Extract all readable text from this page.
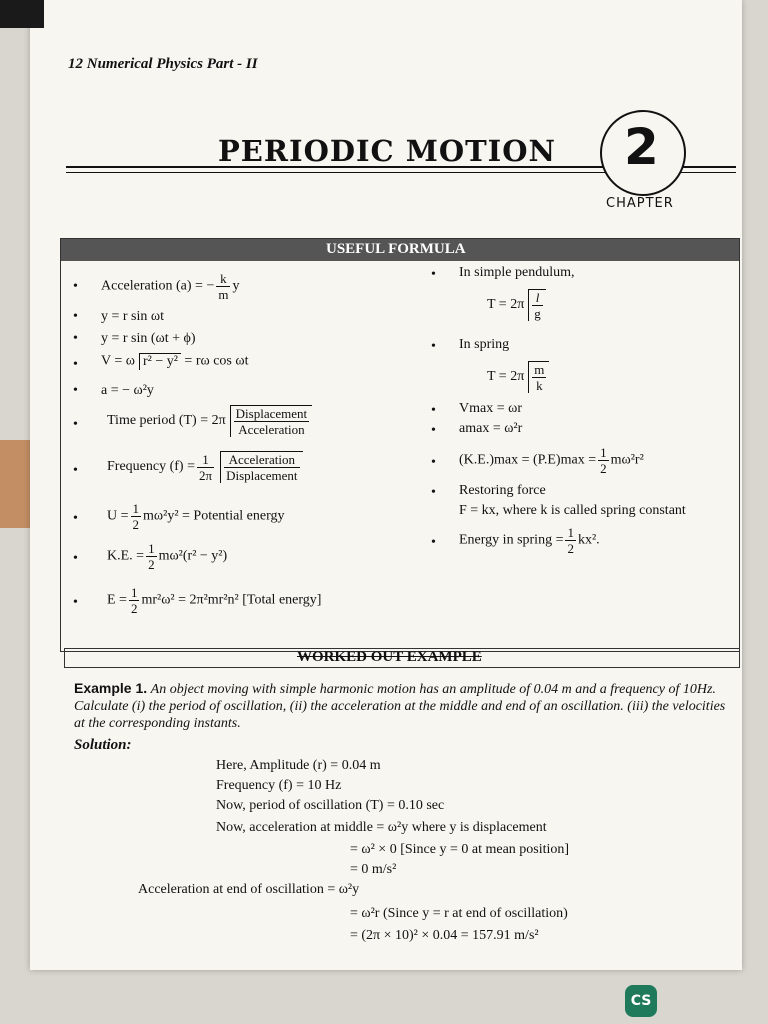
12 Numerical Physics Part - II
PERIODIC MOTION 2
CHAPTER
USEFUL FORMULA
• Acceleration (a) = − $\frac{k}{m}$ y
• y = r sin ωt
• y = r sin (ωt + ϕ)
• V = ω r² − y² = rω cos ωt
• a = − ω²y
• Time period $(T) = 2\pi \frac{\text{Displacement}}{\text{Acceleration}}$
• Frequency $(f) = \frac{1}{2\pi} \frac{\text{Acceleration}}{\text{Displacement}}$
• $U = \frac{1}{2} m\omega^2y^2$ = Potential energy
• K.E. = $\frac{1}{2} m\omega^2(r^2 - y^2)$
• $E = \frac{1}{2} mr^2\omega^2 = 2\pi^2mr^2n^2$ [Total energy]
• In simple pendulum,
$T = 2\pi \frac{l}{g}$
• In spring
$T = 2\pi \frac{m}{k}$
• Vmax = ωr
• amax = ω²r
• $(K.E.)\max = (P.E)\max = \frac{1}{2} m\omega^2r^2$
• Restoring force
F = kx, where k is called spring constant
• Energy in spring = $\frac{1}{2} kx^2$.
WORKED OUT EXAMPLE
Example 1. An object moving with simple harmonic motion has an amplitude of 0.04 m and a frequency of 10Hz. Calculate (i) the period of oscillation, (ii) the acceleration at the middle and end of an oscillation. (iii) the velocities at the corresponding instants.
Solution:
Here, Amplitude (r) = 0.04 m
Frequency (f) = 10 Hz
Now, period of oscillation (T) = 0.10 sec
Now, acceleration at middle = ω²y where y is displacement
= ω² × 0 [Since y = 0 at mean position]
= 0 m/s²
Acceleration at end of oscillation = ω²y
= ω²r (Since y = r at end of oscillation)
= (2π × 10)² × 0.04 = 157.91 m/s²
CS
